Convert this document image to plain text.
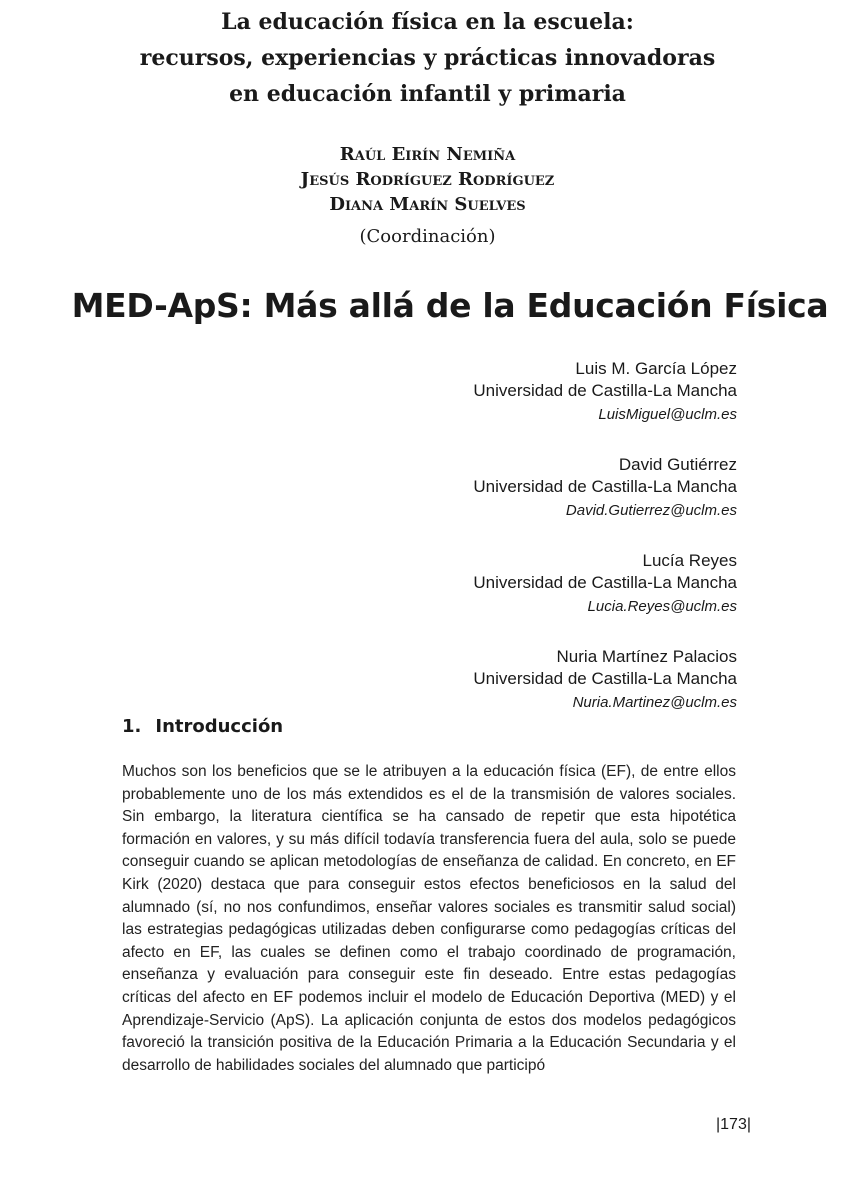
La educación física en la escuela:
recursos, experiencias y prácticas innovadoras
en educación infantil y primaria
Raúl Eirín Nemiña
Jesús Rodríguez Rodríguez
Diana Marín Suelves
(Coordinación)
MED-ApS: Más allá de la Educación Física
Luis M. García López
Universidad de Castilla-La Mancha
LuisMiguel@uclm.es
David Gutiérrez
Universidad de Castilla-La Mancha
David.Gutierrez@uclm.es
Lucía Reyes
Universidad de Castilla-La Mancha
Lucia.Reyes@uclm.es
Nuria Martínez Palacios
Universidad de Castilla-La Mancha
Nuria.Martinez@uclm.es
1. Introducción

Muchos son los beneficios que se le atribuyen a la educación física (EF), de entre ellos probablemente uno de los más extendidos es el de la transmisión de valores sociales. Sin embargo, la literatura científica se ha cansado de repetir que esta hipotética formación en valores, y su más difícil todavía transferencia fuera del aula, solo se puede conseguir cuando se aplican metodologías de enseñanza de calidad. En concreto, en EF Kirk (2020) destaca que para conseguir estos efectos beneficiosos en la salud del alumnado (sí, no nos confundimos, enseñar valores sociales es transmitir salud social) las estrategias pedagógicas utilizadas deben configurarse como pedagogías críticas del afecto en EF, las cuales se definen como el trabajo coordinado de programación, enseñanza y evaluación para conseguir este fin deseado. Entre estas pedagogías críticas del afecto en EF podemos incluir el modelo de Educación Deportiva (MED) y el Aprendizaje-Servicio (ApS). La aplicación conjunta de estos dos modelos pedagógicos favoreció la transición positiva de la Educación Primaria a la Educación Secundaria y el desarrollo de habilidades sociales del alumnado que participó

|173|
